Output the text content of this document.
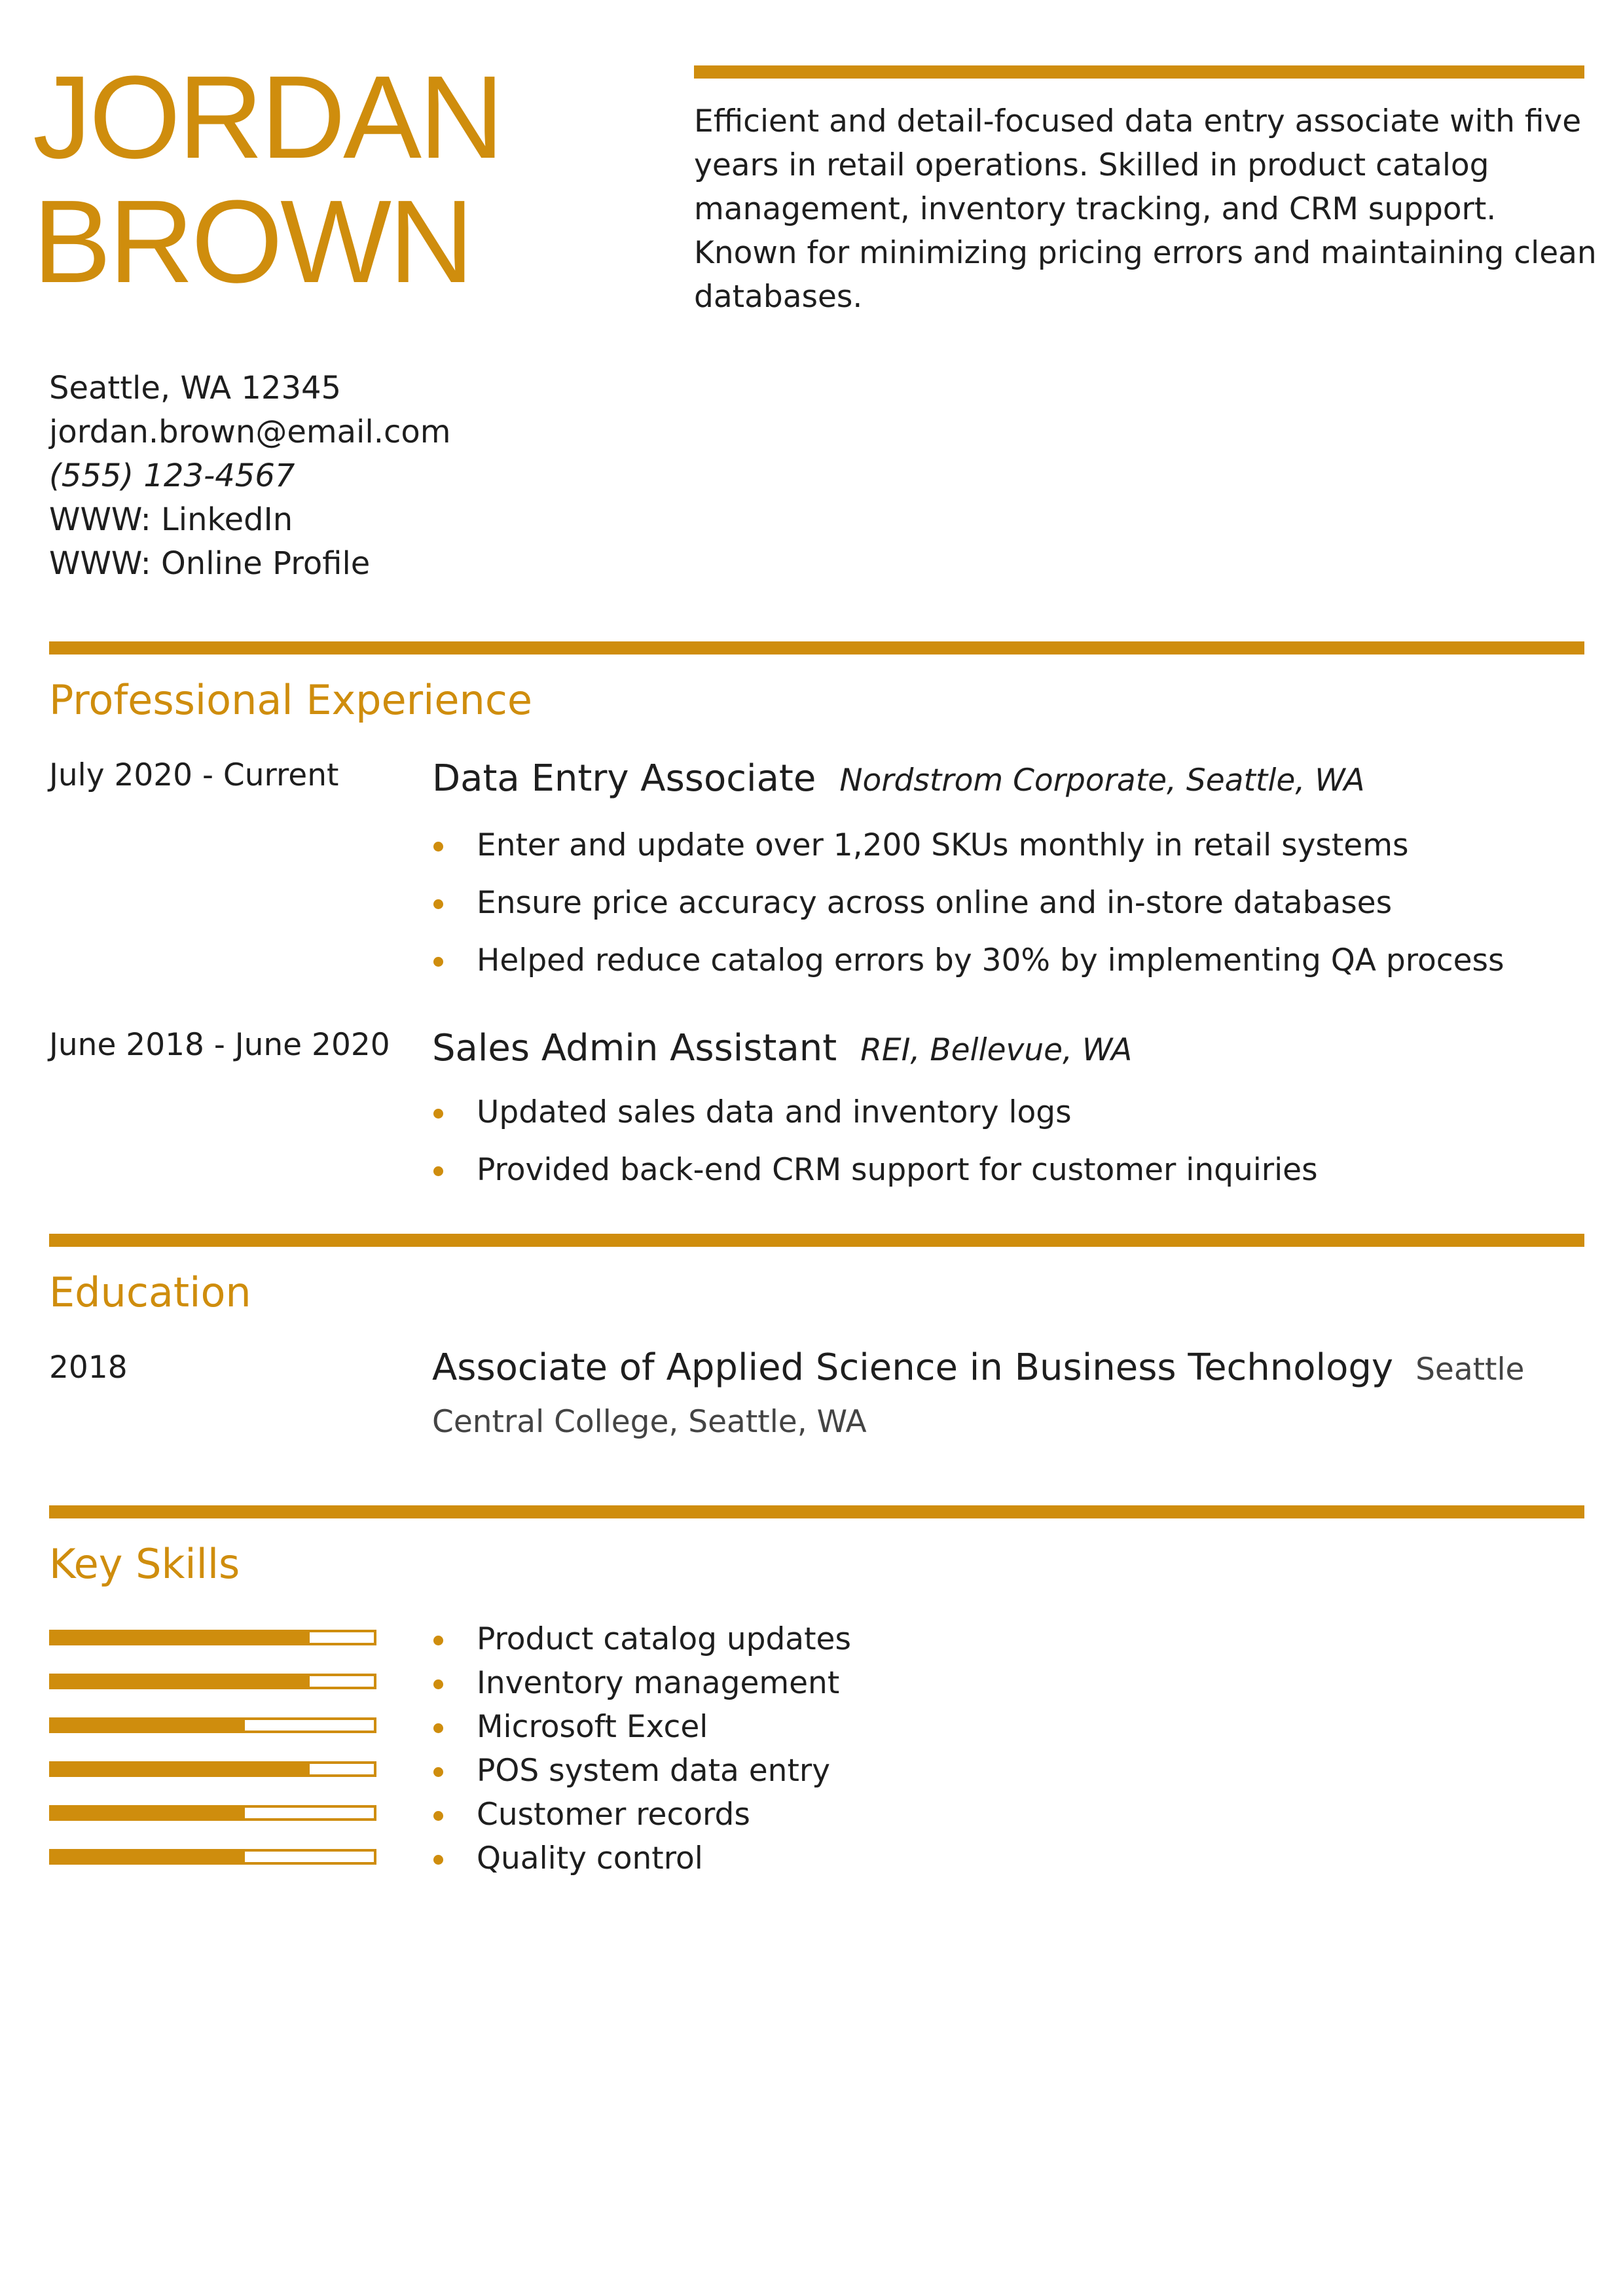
JORDAN
BROWN
Efficient and detail-focused data entry associate with five years in retail operations. Skilled in product catalog management, inventory tracking, and CRM support. Known for minimizing pricing errors and maintaining clean databases.
Seattle, WA 12345
jordan.brown@email.com
(555) 123-4567
WWW: LinkedIn
WWW: Online Profile
Professional Experience
July 2020 - Current	Data Entry Associate Nordstrom Corporate, Seattle, WA
Enter and update over 1,200 SKUs monthly in retail systems
Ensure price accuracy across online and in-store databases
Helped reduce catalog errors by 30% by implementing QA process
June 2018 - June 2020 Sales Admin Assistant REI, Bellevue, WA
Updated sales data and inventory logs
Provided back-end CRM support for customer inquiries
Education
2018	Associate of Applied Science in Business Technology Seattle Central College, Seattle, WA
Key Skills
Product catalog updates
Inventory management
Microsoft Excel
POS system data entry
Customer records
Quality control
